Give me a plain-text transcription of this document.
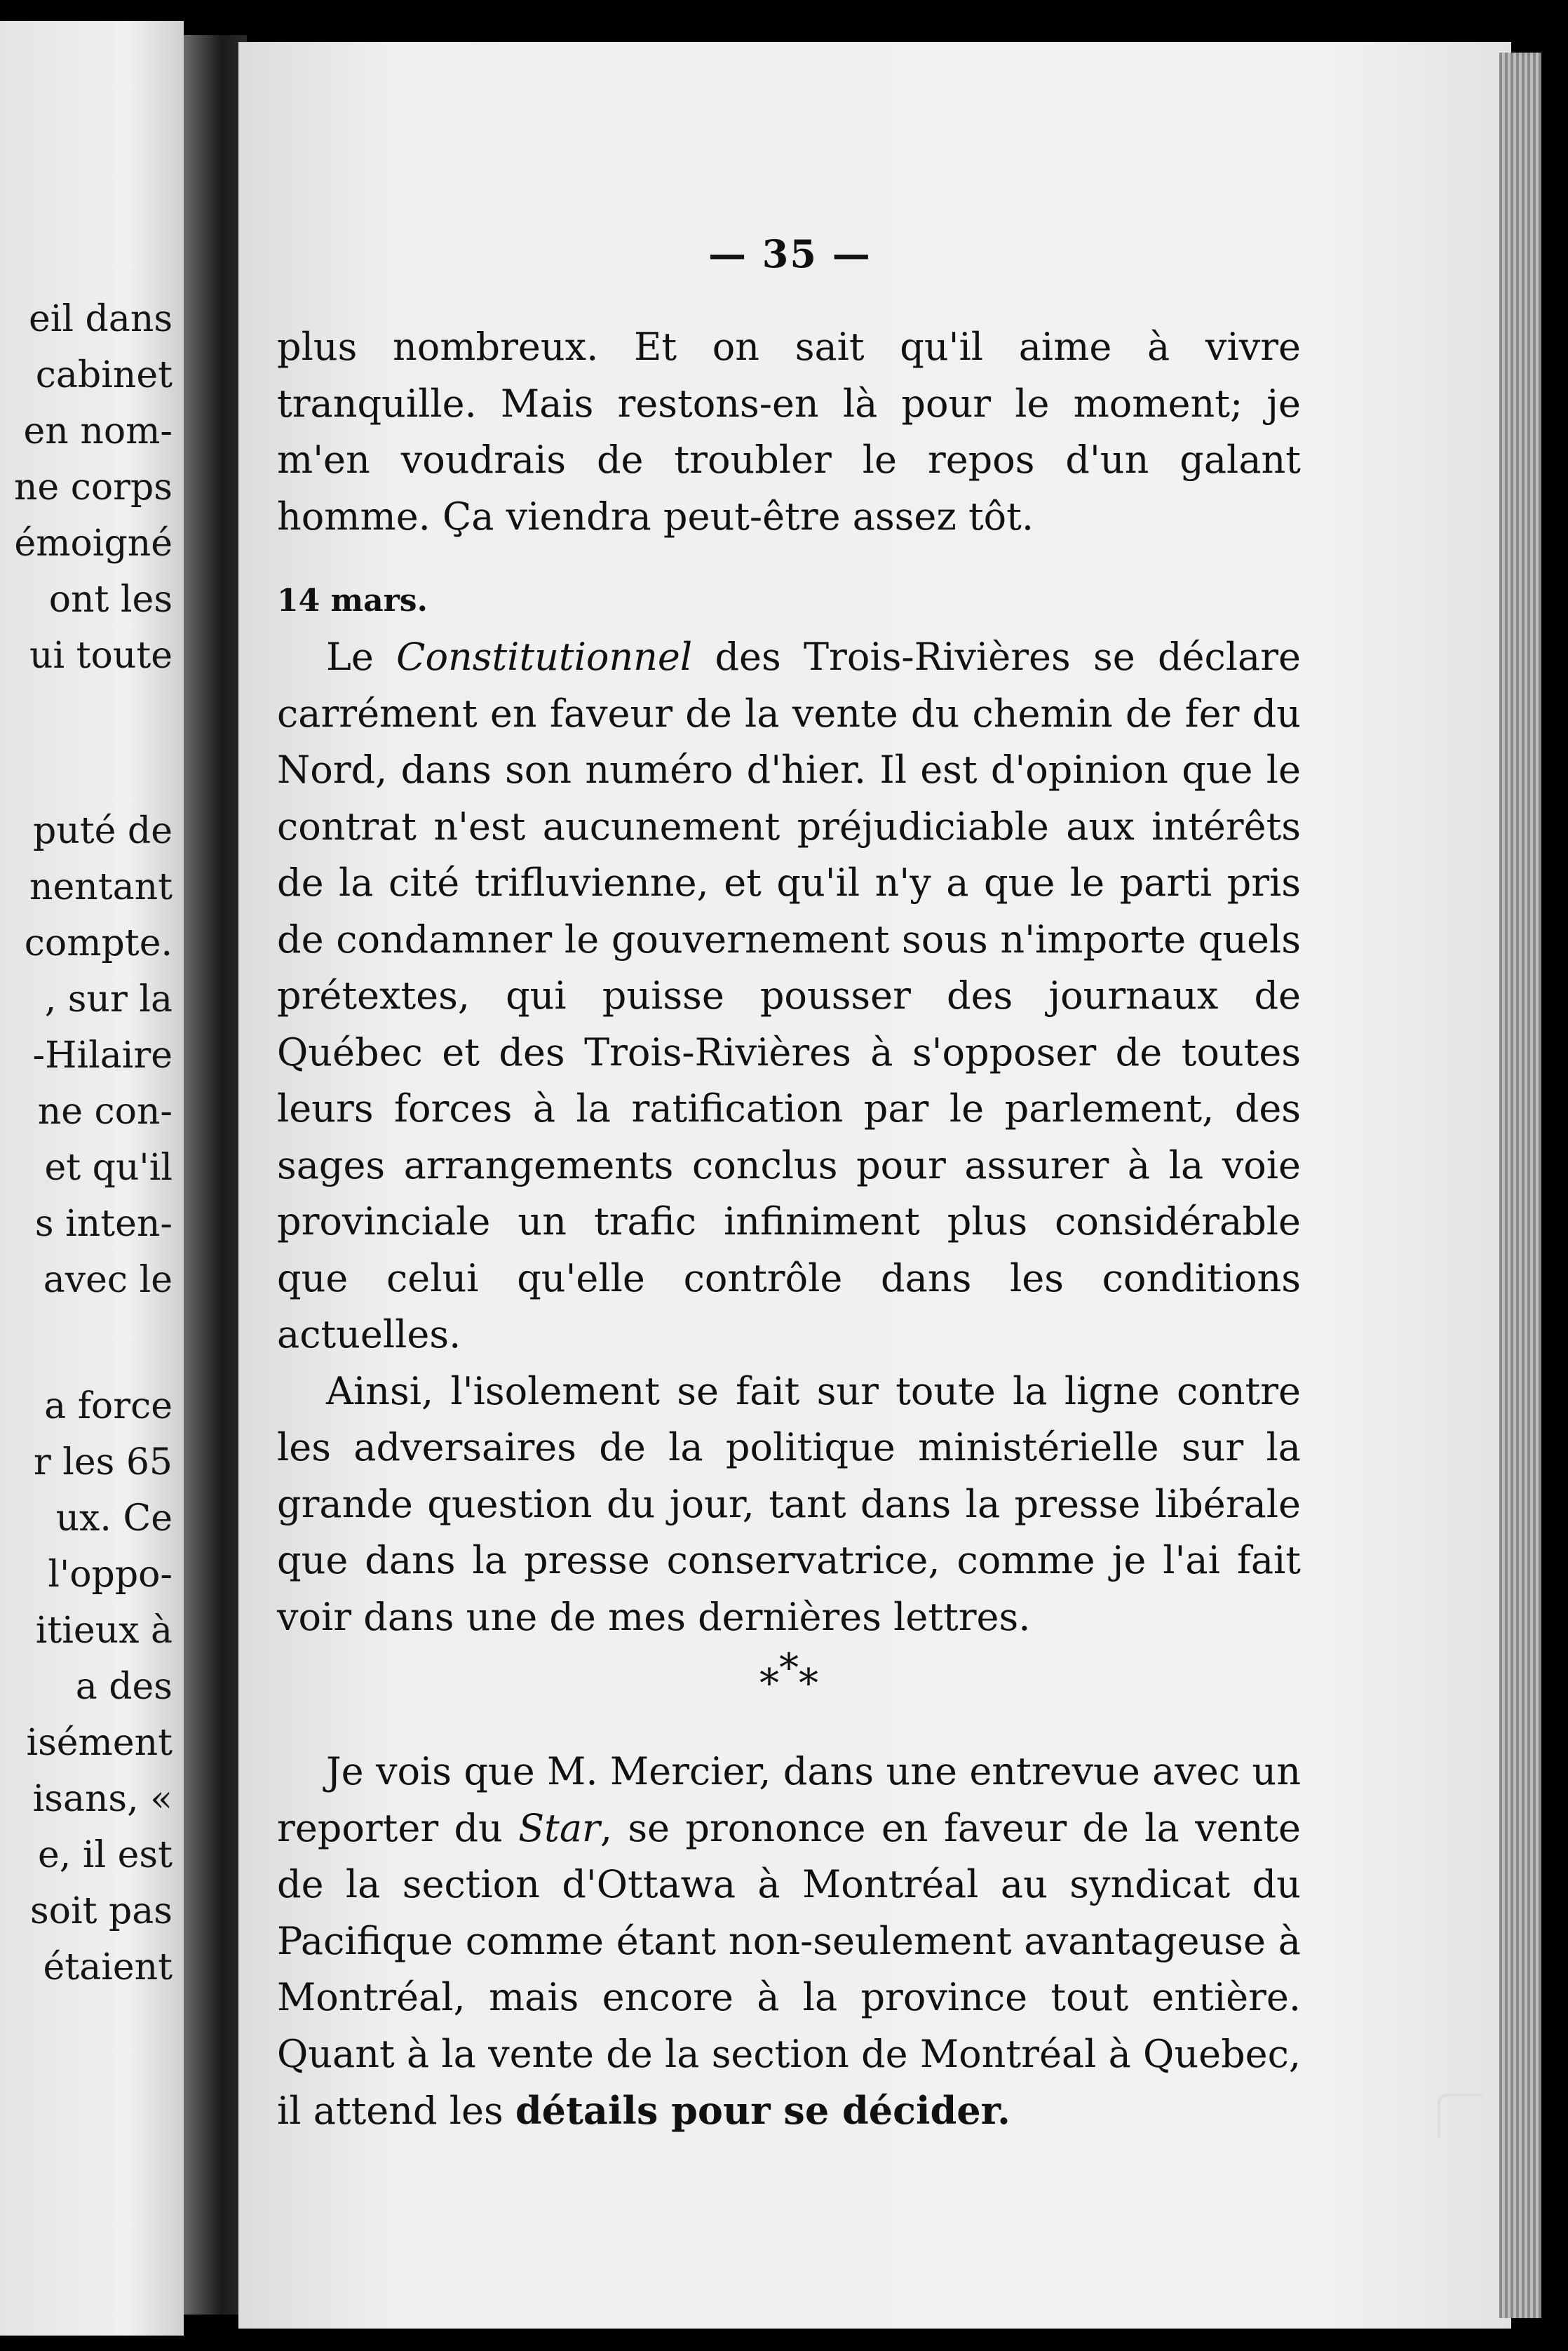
eil dans
cabinet
en nom-
ne corps
émoigné
ont les
ui toute
puté de
nentant
compte.
, sur la
-Hilaire
ne con-
et qu'il
s inten-
avec le
a force
r les 65
ux. Ce
l'oppo-
itieux à
a des
isément
isans, «
e, il est
soit pas
étaient
— 35 —

plus nombreux. Et on sait qu'il aime à vivre tranquille. Mais restons-en là pour le moment; je m'en voudrais de troubler le repos d'un galant homme. Ça viendra peut-être assez tôt.

14 mars.

Le Constitutionnel des Trois-Rivières se déclare carrément en faveur de la vente du chemin de fer du Nord, dans son numéro d'hier. Il est d'opinion que le contrat n'est aucunement préjudiciable aux intérêts de la cité trifluvienne, et qu'il n'y a que le parti pris de condamner le gouvernement sous n'importe quels prétextes, qui puisse pousser des journaux de Québec et des Trois-Rivières à s'opposer de toutes leurs forces à la ratification par le parlement, des sages arrangements conclus pour assurer à la voie provinciale un trafic infiniment plus considérable que celui qu'elle contrôle dans les conditions actuelles.

Ainsi, l'isolement se fait sur toute la ligne contre les adversaires de la politique ministérielle sur la grande question du jour, tant dans la presse libérale que dans la presse conservatrice, comme je l'ai fait voir dans une de mes dernières lettres.

***

Je vois que M. Mercier, dans une entrevue avec un reporter du Star, se prononce en faveur de la vente de la section d'Ottawa à Montréal au syndicat du Pacifique comme étant non-seulement avantageuse à Montréal, mais encore à la province tout entière. Quant à la vente de la section de Montréal à Quebec, il attend les détails pour se décider.
